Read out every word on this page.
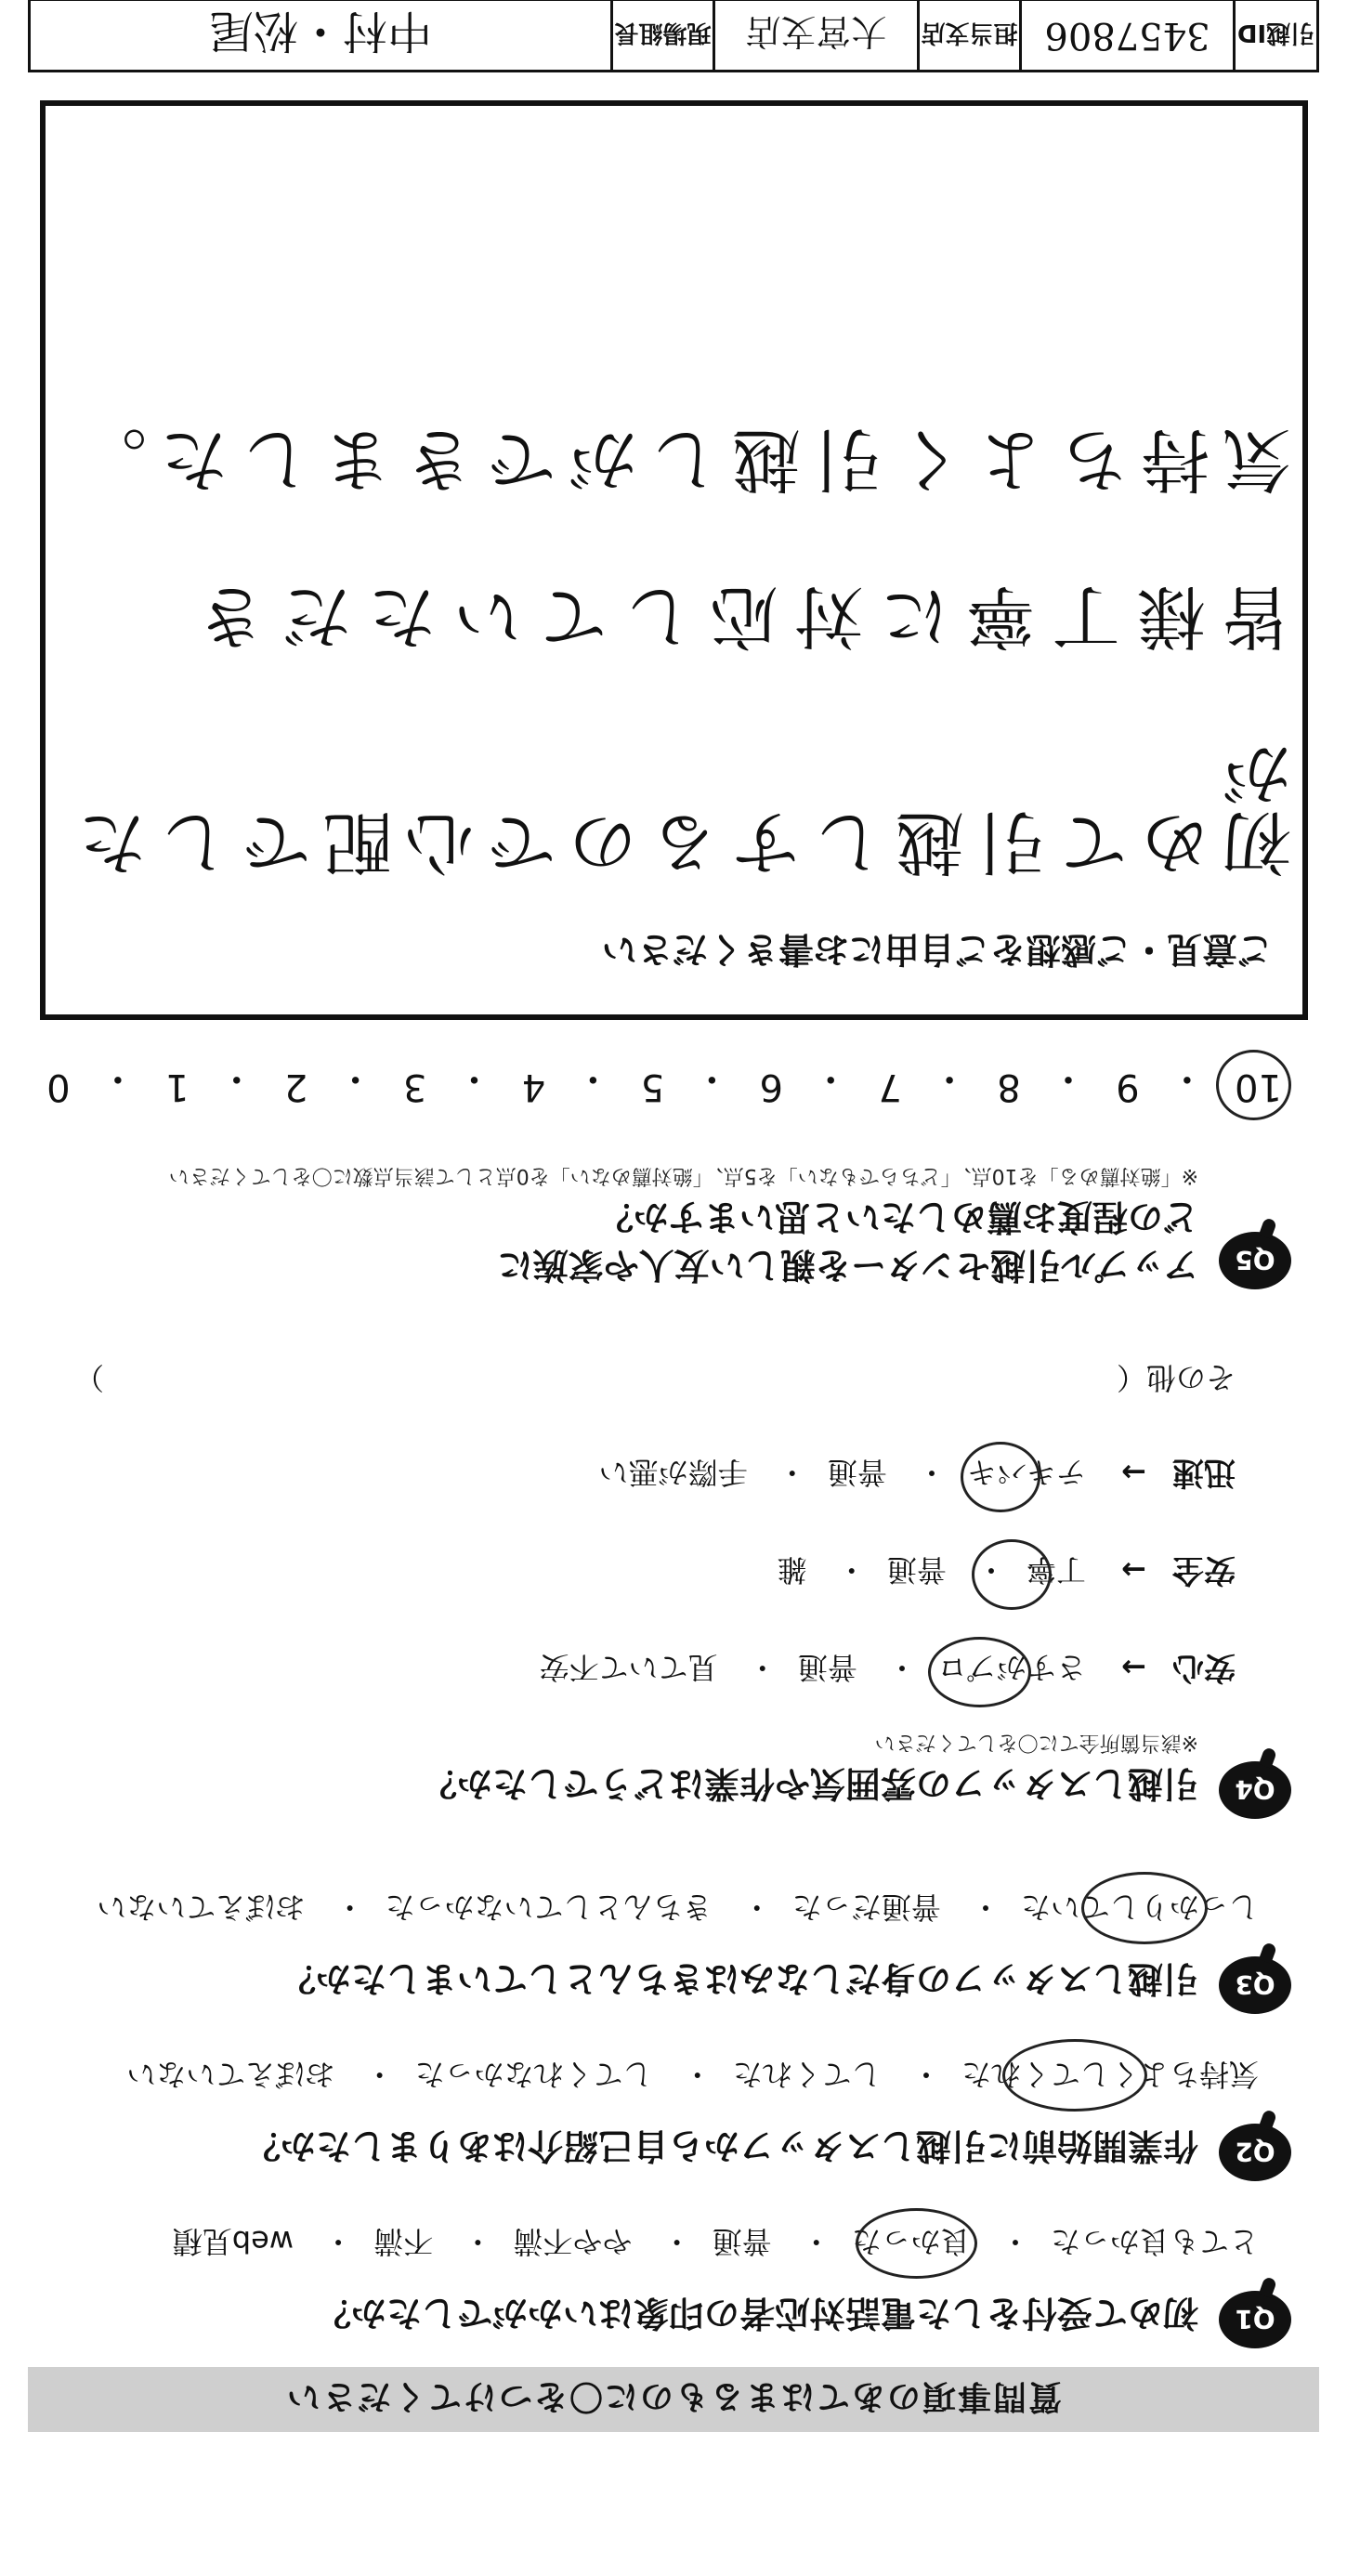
質問事項のあてはまるものに〇をつけてください
Q1
初めて受付をした電話対応者の印象はいかがでしたか？
とても良かった・ 良かった・ 普通・ やや不満・ 不満・ web見積
Q2
作業開始前に引越しスタッフから自己紹介はありましたか？
気持ちよくしてくれた・ してくれた・ してくれなかった・ おぼえていない
Q3
引越しスタッフの身だしなみはきちんとしていましたか？
しっかりしていた・ 普通だった・ きちんとしていなかった・ おぼえていない
Q4
引越しスタッフの雰囲気や作業はどうでしたか？
※該当箇所全てに〇をしてください
安心→ さすがプロ・ 普通・ 見ていて不安
安全→ 丁寧・ 普通・ 雑
迅速→ テキパキ・ 普通・ 手際が悪い
その他（
）
Q5
アップル引越センターを親しい友人や家族に
どの程度お薦めしたいと思いますか？
※「絶対薦める」を10点、「どちらでもない」を5点、「絶対薦めない」を0点として該当点数に〇をしてください
10
・
9
・
8
・
7
・
6
・
5
・
4
・
3
・
2
・
1
・
0
ご意見・ご感想をご自由にお書きください
初めて引越しするので心配でしたが
皆様丁寧に対応していただき
気持ちよく引越しができました。
引越ID
3457806
担当支店
大宮支店
現場組長
中村・松尾
